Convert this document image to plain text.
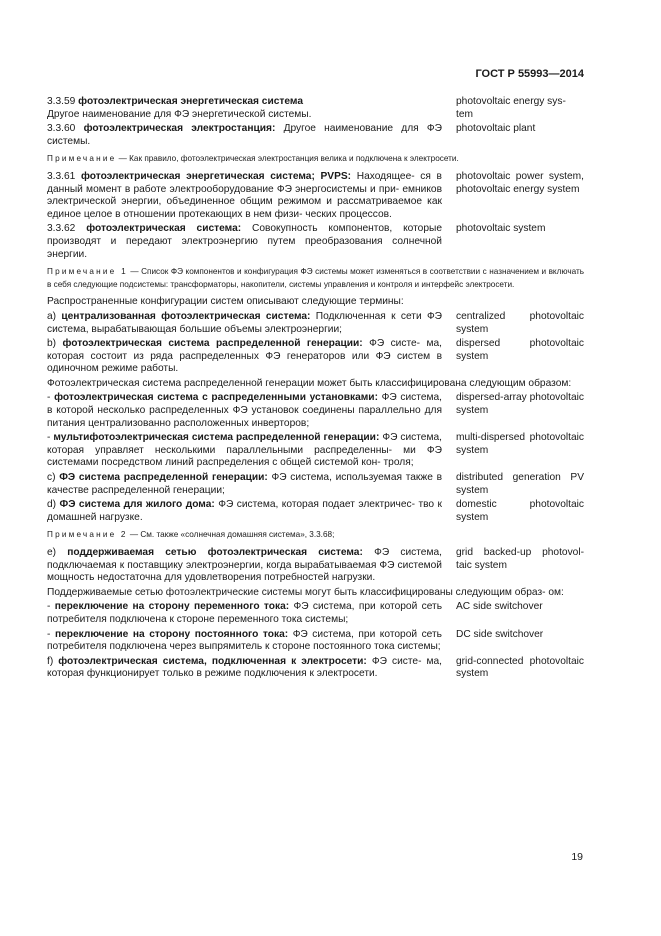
ГОСТ Р 55993—2014
3.3.59 фотоэлектрическая энергетическая система
Другое наименование для ФЭ энергетической системы.
photovoltaic energy sys-
tem
3.3.60 фотоэлектрическая электростанция: Другое наименование для ФЭ системы.
photovoltaic plant
Примечание — Как правило, фотоэлектрическая электростанция велика и подключена к электросети.
3.3.61 фотоэлектрическая энергетическая система; PVPS: Находящее- ся в данный момент в работе электрооборудование ФЭ энергосистемы и при- емников электрической энергии, объединенное общим режимом и рассматриваемое как единое целое в отношении протекающих в нем физи- ческих процессов.
photovoltaic power system, photovoltaic energy system
3.3.62 фотоэлектрическая система: Совокупность компонентов, которые производят и передают электроэнергию путем преобразования солнечной энергии.
photovoltaic system
Примечание 1 — Список ФЭ компонентов и конфигурация ФЭ системы может изменяться в соответствии с назначением и включать в себя следующие подсистемы: трансформаторы, накопители, системы управления и контроля и интерфейс электросети.
Распространенные конфигурации систем описывают следующие термины:
а) централизованная фотоэлектрическая система: Подключенная к сети ФЭ система, вырабатывающая большие объемы электроэнергии;
centralized photovoltaic system
b) фотоэлектрическая система распределенной генерации: ФЭ систе- ма, которая состоит из ряда распределенных ФЭ генераторов или ФЭ систем в одиночном режиме работы.
dispersed photovoltaic system
Фотоэлектрическая система распределенной генерации может быть классифицирована следующим образом:
- фотоэлектрическая система с распределенными установками: ФЭ система, в которой несколько распределенных ФЭ установок соединены параллельно для питания централизованно расположенных инверторов;
dispersed-array photovoltaic system
- мультифотоэлектрическая система распределенной генерации: ФЭ система, которая управляет несколькими параллельными распределенны- ми ФЭ системами посредством линий распределения с общей системой кон- троля;
multi-dispersed photovoltaic system
с) ФЭ система распределенной генерации: ФЭ система, используемая также в качестве распределенной генерации;
distributed generation PV system
d) ФЭ система для жилого дома: ФЭ система, которая подает электричес- тво к домашней нагрузке.
domestic photovoltaic system
Примечание 2 — См. также «солнечная домашняя система», 3.3.68;
е) поддерживаемая сетью фотоэлектрическая система: ФЭ система, подключаемая к поставщику электроэнергии, когда вырабатываемая ФЭ системой мощность недостаточна для удовлетворения потребностей нагрузки.
grid backed-up photovol- taic system
Поддерживаемые сетью фотоэлектрические системы могут быть классифицированы следующим образ- ом:
- переключение на сторону переменного тока: ФЭ система, при которой сеть потребителя подключена к стороне переменного тока системы;
AC side switchover
- переключение на сторону постоянного тока: ФЭ система, при которой сеть потребителя подключена через выпрямитель к стороне постоянного тока системы;
DC side switchover
f) фотоэлектрическая система, подключенная к электросети: ФЭ систе- ма, которая функционирует только в режиме подключения к электросети.
grid-connected photovoltaic system
19
